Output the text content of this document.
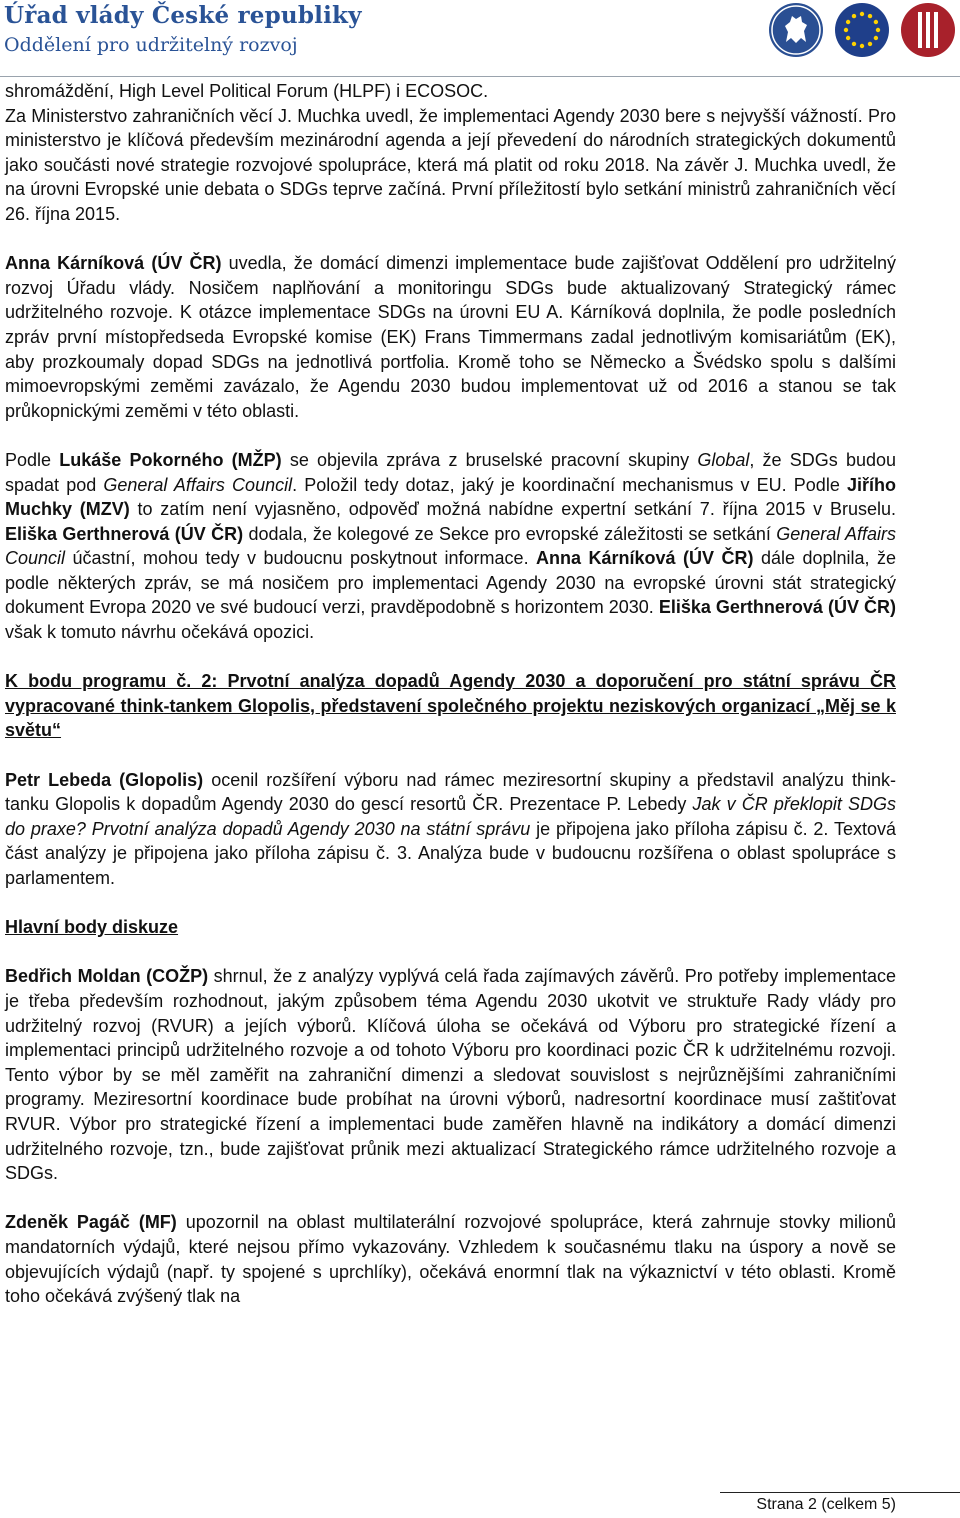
Úřad vlády České republiky
Oddělení pro udržitelný rozvoj

shromáždění, High Level Political Forum (HLPF) i ECOSOC.
Za Ministerstvo zahraničních věcí J. Muchka uvedl, že implementaci Agendy 2030 bere s nejvyšší vážností. Pro ministerstvo je klíčová především mezinárodní agenda a její převedení do národních strategických dokumentů jako součásti nové strategie rozvojové spolupráce, která má platit od roku 2018. Na závěr J. Muchka uvedl, že na úrovni Evropské unie debata o SDGs teprve začíná. První příležitostí bylo setkání ministrů zahraničních věcí 26. října 2015.

Anna Kárníková (ÚV ČR) uvedla, že domácí dimenzi implementace bude zajišťovat Oddělení pro udržitelný rozvoj Úřadu vlády. Nosičem naplňování a monitoringu SDGs bude aktualizovaný Strategický rámec udržitelného rozvoje. K otázce implementace SDGs na úrovni EU A. Kárníková doplnila, že podle posledních zpráv první místopředseda Evropské komise (EK) Frans Timmermans zadal jednotlivým komisariátům (EK), aby prozkoumaly dopad SDGs na jednotlivá portfolia. Kromě toho se Německo a Švédsko spolu s dalšími mimoevropskými zeměmi zavázalo, že Agendu 2030 budou implementovat už od 2016 a stanou se tak průkopnickými zeměmi v této oblasti.

Podle Lukáše Pokorného (MŽP) se objevila zpráva z bruselské pracovní skupiny Global, že SDGs budou spadat pod General Affairs Council. Položil tedy dotaz, jaký je koordinační mechanismus v EU. Podle Jiřího Muchky (MZV) to zatím není vyjasněno, odpověď možná nabídne expertní setkání 7. října 2015 v Bruselu. Eliška Gerthnerová (ÚV ČR) dodala, že kolegové ze Sekce pro evropské záležitosti se setkání General Affairs Council účastní, mohou tedy v budoucnu poskytnout informace. Anna Kárníková (ÚV ČR) dále doplnila, že podle některých zpráv, se má nosičem pro implementaci Agendy 2030 na evropské úrovni stát strategický dokument Evropa 2020 ve své budoucí verzi, pravděpodobně s horizontem 2030. Eliška Gerthnerová (ÚV ČR) však k tomuto návrhu očekává opozici.

K bodu programu č. 2: Prvotní analýza dopadů Agendy 2030 a doporučení pro státní správu ČR vypracované think-tankem Glopolis, představení společného projektu neziskových organizací „Měj se k světu“

Petr Lebeda (Glopolis) ocenil rozšíření výboru nad rámec meziresortní skupiny a představil analýzu think-tanku Glopolis k dopadům Agendy 2030 do gescí resortů ČR. Prezentace P. Lebedy Jak v ČR překlopit SDGs do praxe? Prvotní analýza dopadů Agendy 2030 na státní správu je připojena jako příloha zápisu č. 2. Textová část analýzy je připojena jako příloha zápisu č. 3. Analýza bude v budoucnu rozšířena o oblast spolupráce s parlamentem.

Hlavní body diskuze

Bedřich Moldan (COŽP) shrnul, že z analýzy vyplývá celá řada zajímavých závěrů. Pro potřeby implementace je třeba především rozhodnout, jakým způsobem téma Agendu 2030 ukotvit ve struktuře Rady vlády pro udržitelný rozvoj (RVUR) a jejích výborů. Klíčová úloha se očekává od Výboru pro strategické řízení a implementaci principů udržitelného rozvoje a od tohoto Výboru pro koordinaci pozic ČR k udržitelnému rozvoji. Tento výbor by se měl zaměřit na zahraniční dimenzi a sledovat souvislost s nejrůznějšími zahraničními programy. Meziresortní koordinace bude probíhat na úrovni výborů, nadresortní koordinace musí zaštiťovat RVUR. Výbor pro strategické řízení a implementaci bude zaměřen hlavně na indikátory a domácí dimenzi udržitelného rozvoje, tzn., bude zajišťovat průnik mezi aktualizací Strategického rámce udržitelného rozvoje a SDGs.

Zdeněk Pagáč (MF) upozornil na oblast multilaterální rozvojové spolupráce, která zahrnuje stovky milionů mandatorních výdajů, které nejsou přímo vykazovány. Vzhledem k současnému tlaku na úspory a nově se objevujících výdajů (např. ty spojené s uprchlíky), očekává enormní tlak na výkaznictví v této oblasti. Kromě toho očekává zvýšený tlak na

Strana 2 (celkem 5)
